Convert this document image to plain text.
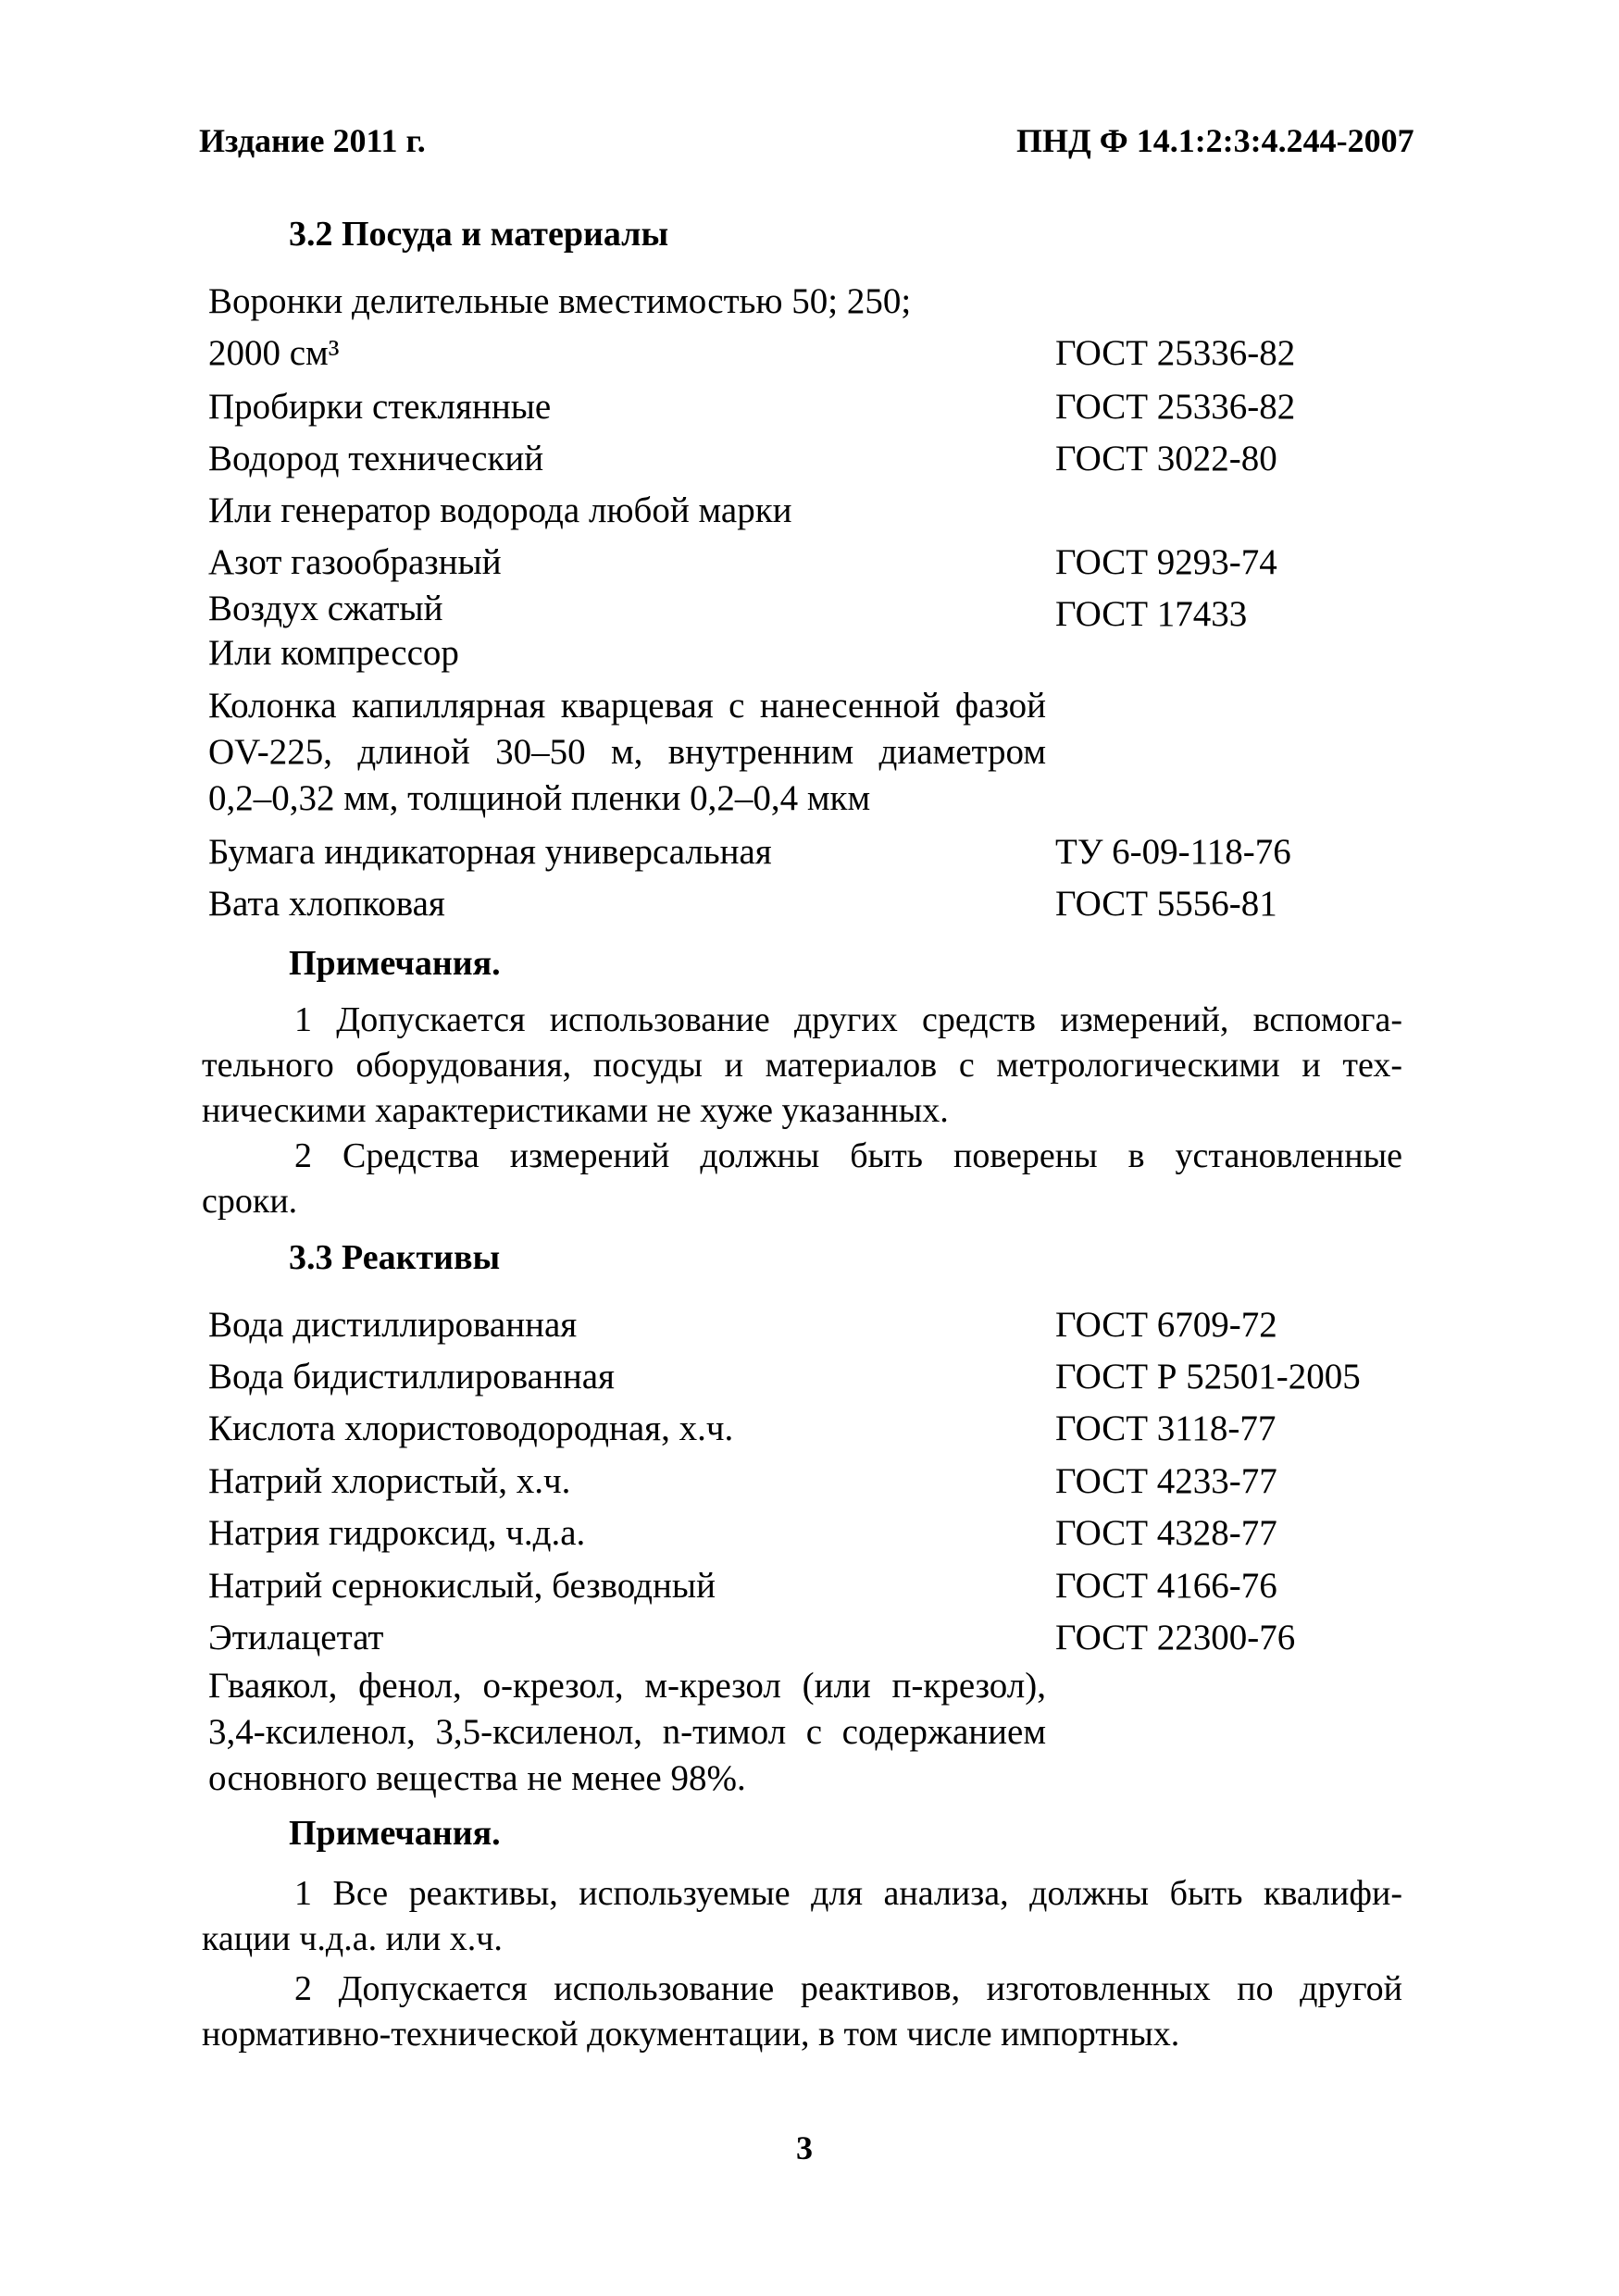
Издание 2011 г.	ПНД Ф 14.1:2:3:4.244-2007
3.2 Посуда и материалы
Воронки делительные вместимостью 50; 250;
2000 см³	ГОСТ 25336-82
Пробирки стеклянные	ГОСТ 25336-82
Водород технический	ГОСТ 3022-80
Или генератор водорода любой марки
Азот газообразный	ГОСТ 9293-74
Воздух сжатый	ГОСТ 17433
Или компрессор

Колонка капиллярная кварцевая с нанесенной фазой

OV-225, длиной 30–50 м, внутренним диаметром

0,2–0,32 мм, толщиной пленки 0,2–0,4 мкм

Бумага индикаторная универсальная	ТУ 6-09-118-76
Вата хлопковая	ГОСТ 5556-81
Примечания.

1 Допускается использование других средств измерений, вспомога-

тельного оборудования, посуды и материалов с метрологическими и тех-

ническими характеристиками не хуже указанных.

2 Средства измерений должны быть поверены в установленные

сроки.

3.3 Реактивы
Вода дистиллированная	ГОСТ 6709-72
Вода бидистиллированная	ГОСТ Р 52501-2005
Кислота хлористоводородная, х.ч.	ГОСТ 3118-77
Натрий хлористый, х.ч.	ГОСТ 4233-77
Натрия гидроксид, ч.д.а.	ГОСТ 4328-77
Натрий сернокислый, безводный	ГОСТ 4166-76
Этилацетат	ГОСТ 22300-76

Гваякол, фенол, о-крезол, м-крезол (или п-крезол),

3,4-ксиленол, 3,5-ксиленол, n-тимол с содержанием

основного вещества не менее 98%.

Примечания.

1 Все реактивы, используемые для анализа, должны быть квалифи-

кации ч.д.а. или х.ч.

2 Допускается использование реактивов, изготовленных по другой

нормативно-технической документации, в том числе импортных.

3
